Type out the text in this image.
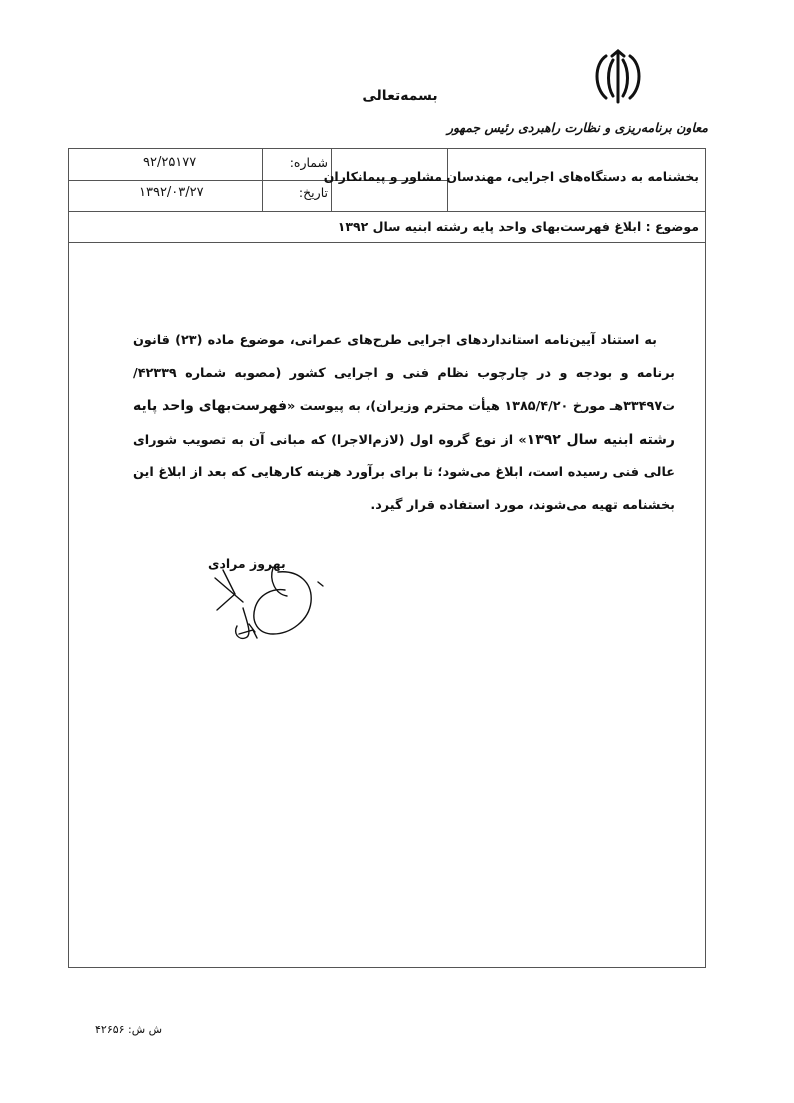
بسمه‌تعالی
معاون برنامه‌ریزی و نظارت راهبردی رئیس جمهور
بخشنامه به دستگاه‌های اجرایی، مهندسان مشاور و پیمانکاران
شماره:
تاریخ:
۹۲/۲۵۱۷۷
۱۳۹۲/۰۳/۲۷
موضوع : ابلاغ فهرست‌بهای واحد پایه رشته ابنیه سال ۱۳۹۲
به استناد آیین‌نامه استانداردهای اجرایی طرح‌های عمرانی، موضوع ماده (۲۳) قانون برنامه و بودجه و در چارچوب نظام فنی و اجرایی کشور (مصوبه شماره ۴۲۳۳۹/ت۳۳۴۹۷هـ مورخ ۱۳۸۵/۴/۲۰ هیأت محترم وزیران)، به پیوست «فهرست‌بهای واحد پایه رشته ابنیه سال ۱۳۹۲» از نوع گروه اول (لازم‌الاجرا) که مبانی آن به تصویب شورای عالی فنی رسیده است، ابلاغ می‌شود؛ تا برای برآورد هزینه کارهایی که بعد از ابلاغ این بخشنامه تهیه می‌شوند، مورد استفاده قرار گیرد.
بهروز مرادی
ش ش: ۴۲۶۵۶
